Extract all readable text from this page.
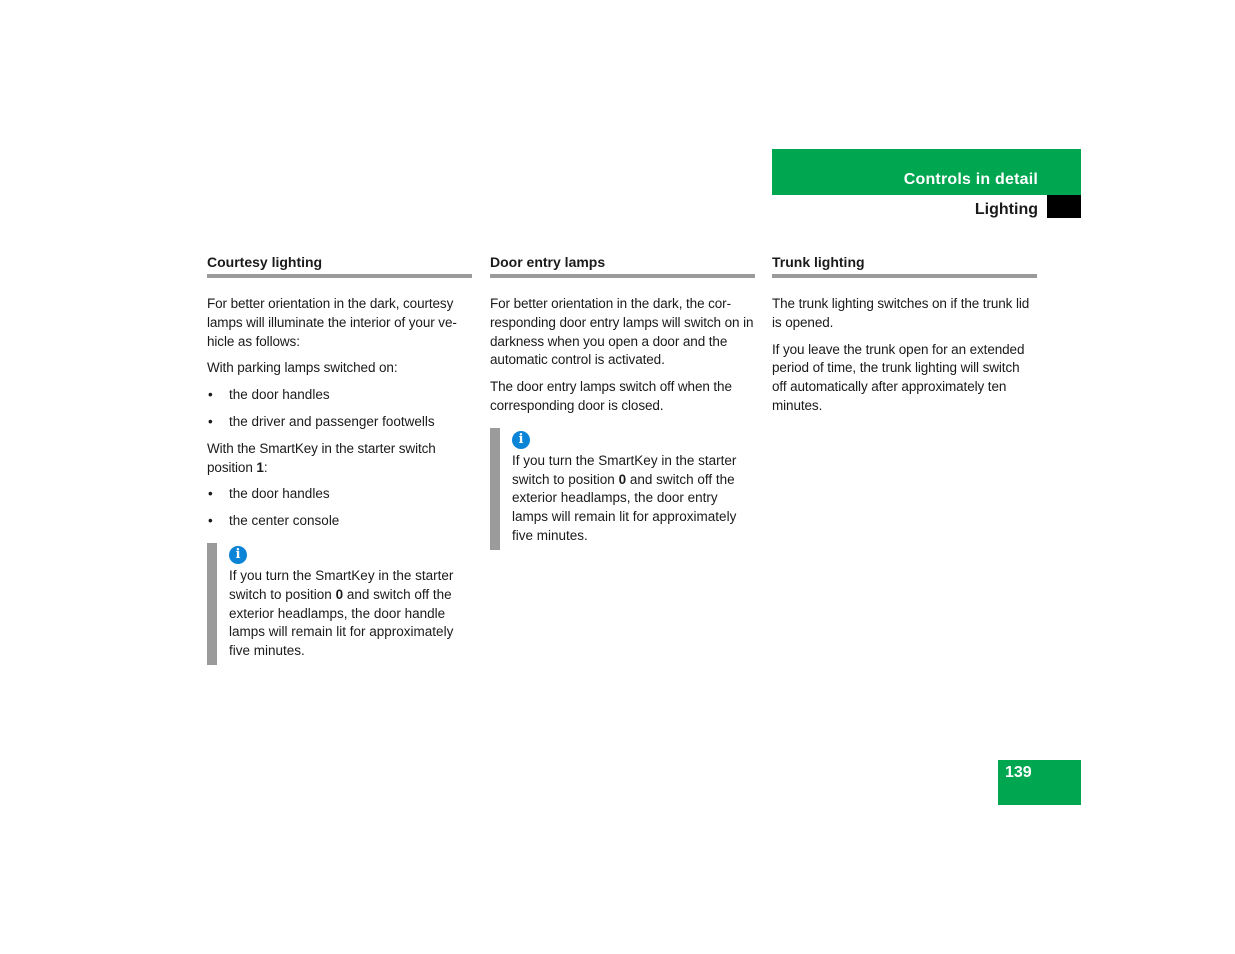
Controls in detail
Lighting
Courtesy lighting

For better orientation in the dark, courtesy lamps will illuminate the interior of your ve-hicle as follows:

With parking lamps switched on:

• the door handles
• the driver and passenger footwells

With the SmartKey in the starter switch position 1:

• the door handles
• the center console
i

If you turn the SmartKey in the starter switch to position 0 and switch off the exterior headlamps, the door handle lamps will remain lit for approximately five minutes.

Door entry lamps

For better orientation in the dark, the cor-responding door entry lamps will switch on in darkness when you open a door and the automatic control is activated.

The door entry lamps switch off when the corresponding door is closed.

i

If you turn the SmartKey in the starter switch to position 0 and switch off the exterior headlamps, the door entry lamps will remain lit for approximately five minutes.

Trunk lighting

The trunk lighting switches on if the trunk lid is opened.

If you leave the trunk open for an extended period of time, the trunk lighting will switch off automatically after approximately ten minutes.

139
